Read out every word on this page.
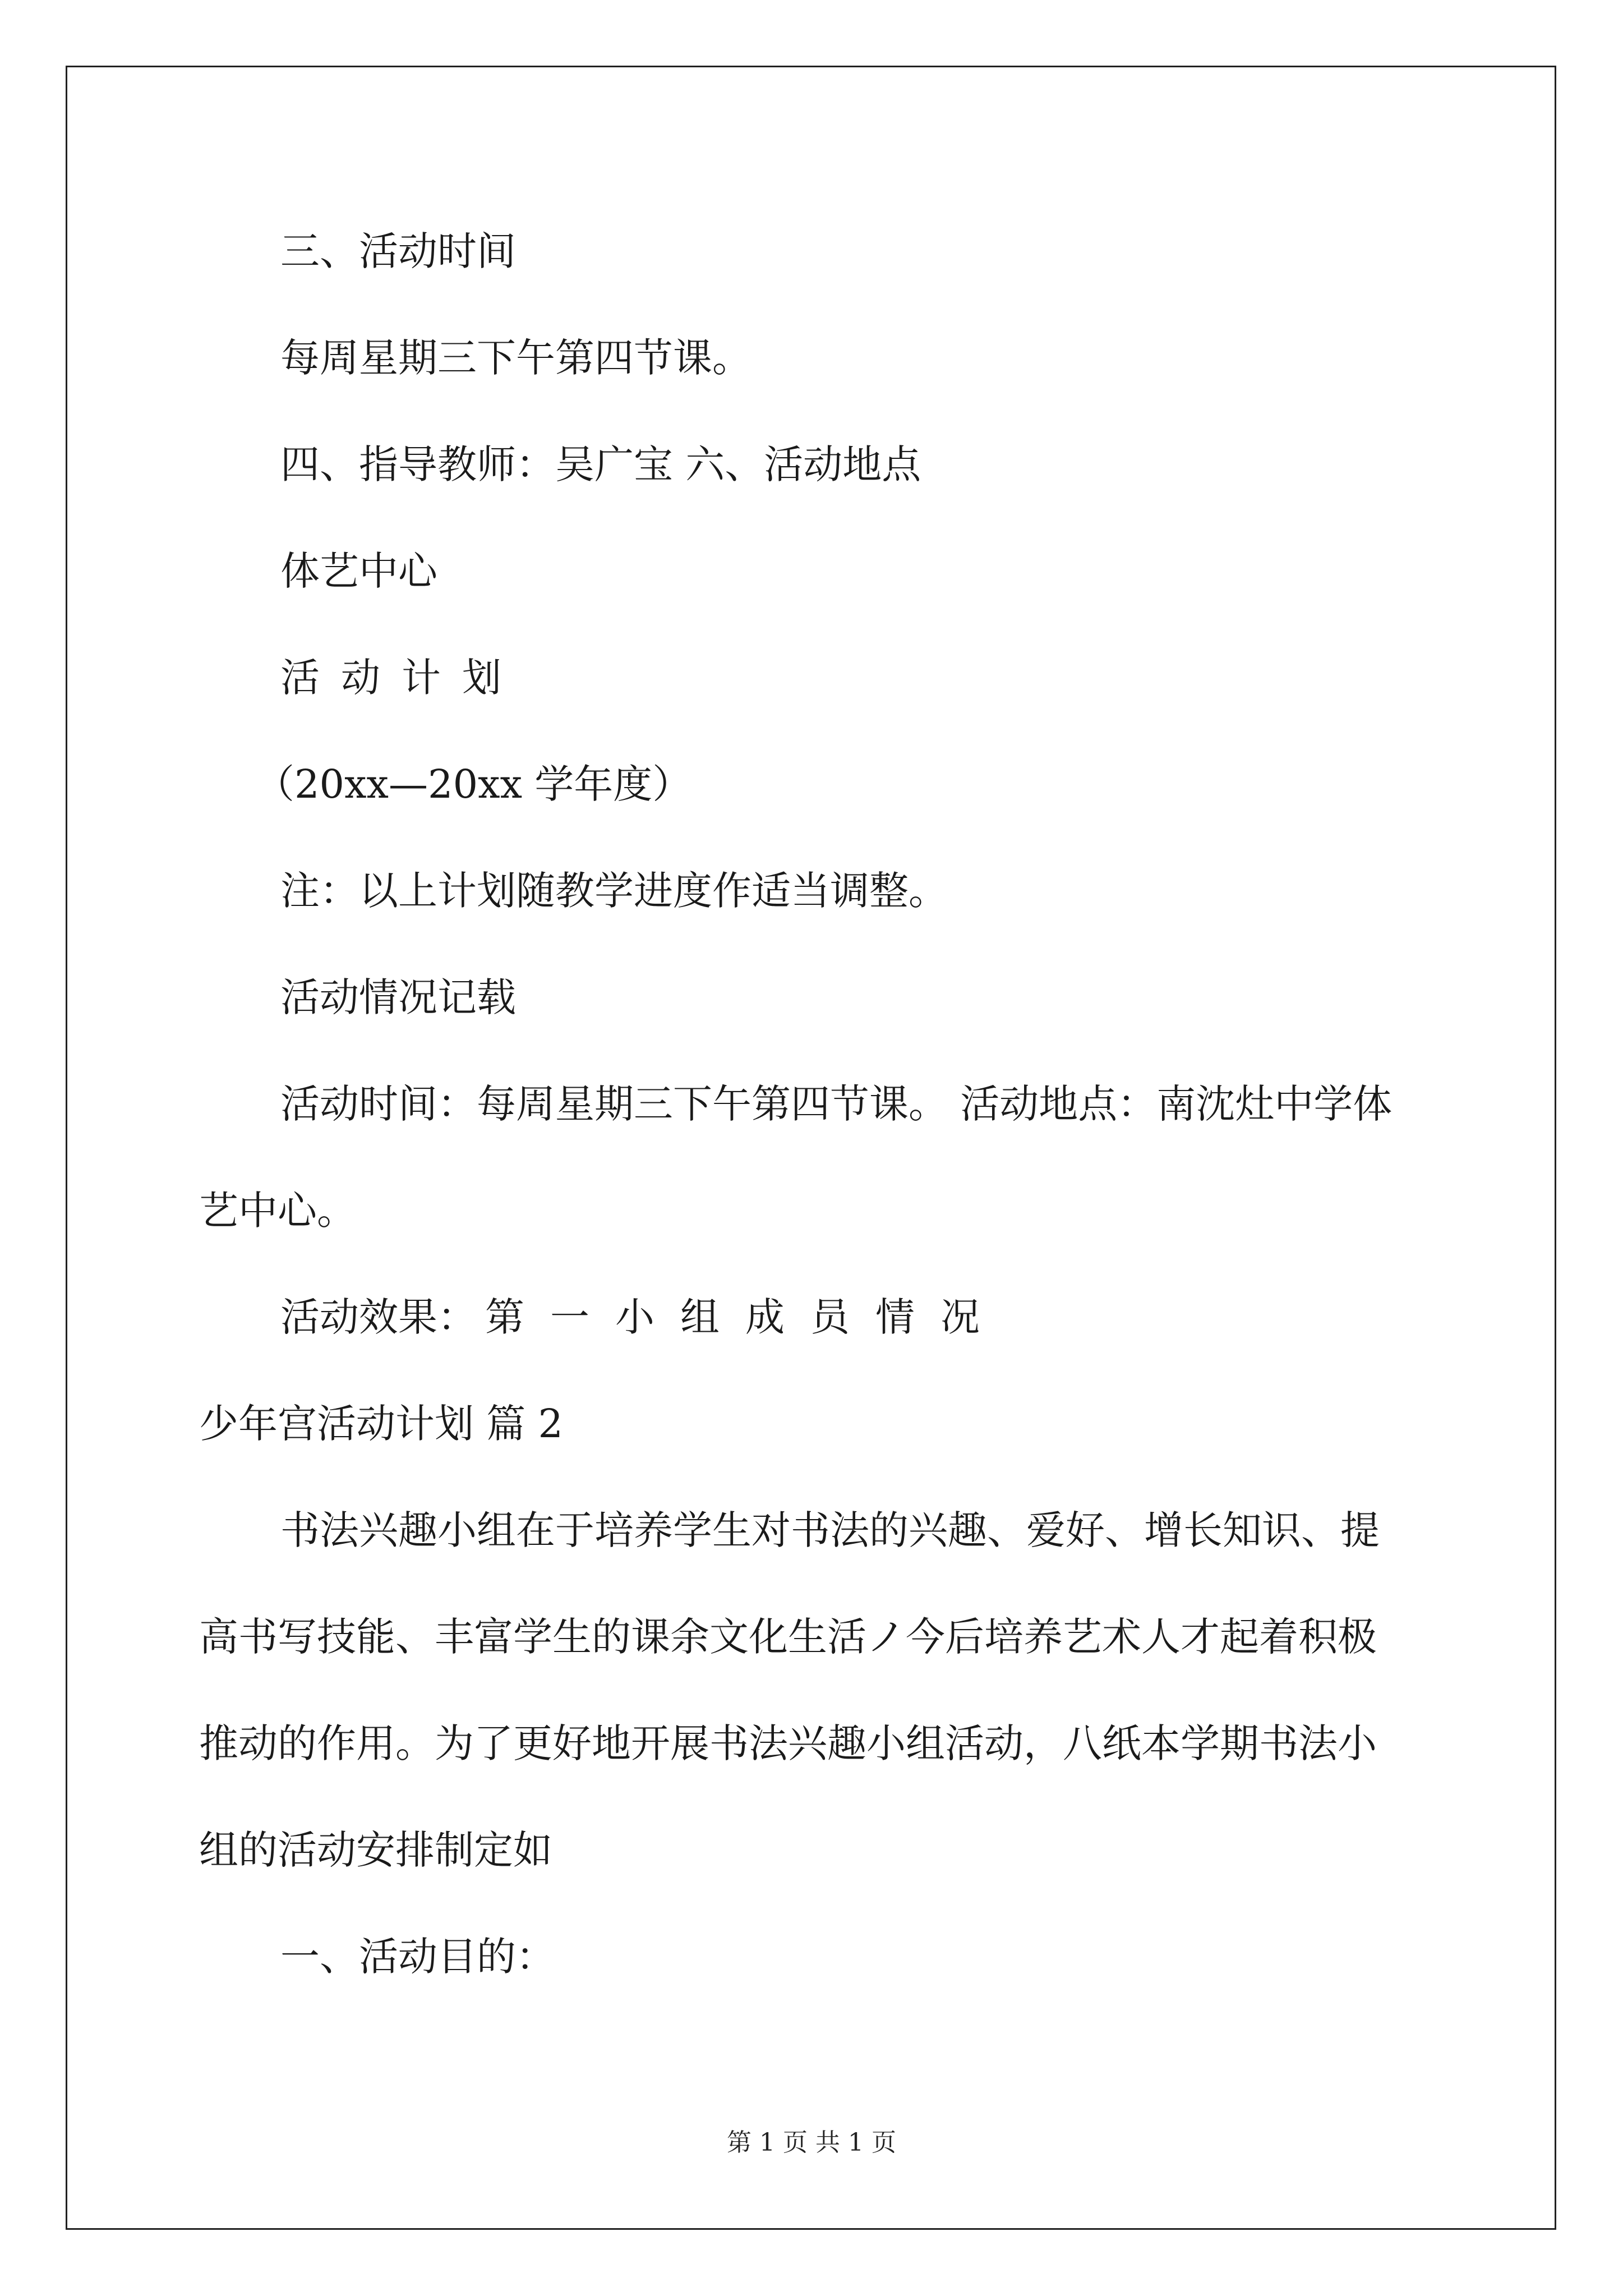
三、活动时间

每周星期三下午第四节课。

四、指导教师：吴广宝 六、活动地点

体艺中心

活动计划

（20xx—20xx 学年度）

注：以上计划随教学进度作适当调整。

活动情况记载

活动时间：每周星期三下午第四节课。 活动地点：南沈灶中学体

艺中心。

活动效果： 第一小组成员情况

少年宫活动计划 篇 2

书法兴趣小组在于培养学生对书法的兴趣、爱好、增长知识、提

高书写技能、丰富学生的课余文化生活ノ今后培养艺术人才起着积极

推动的作用。为了更好地开展书法兴趣小组活动，八纸本学期书法小

组的活动安排制定如

一、活动目的：

第 1 页 共 1 页
